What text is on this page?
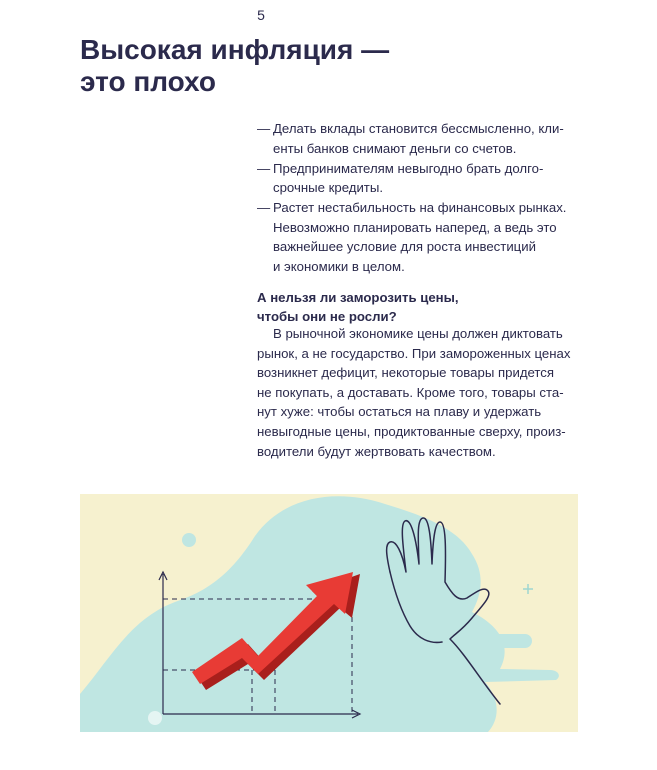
5
Высокая инфляция —
это плохо
— Делать вклады становится бессмысленно, кли-
енты банков снимают деньги со счетов.
— Предпринимателям невыгодно брать долго-
срочные кредиты.
— Растет нестабильность на финансовых рынках.
Невозможно планировать наперед, а ведь это
важнейшее условие для роста инвестиций
и экономики в целом.
А нельзя ли заморозить цены,
чтобы они не росли?

В рыночной экономике цены должен диктовать
рынок, а не государство. При замороженных ценах
возникнет дефицит, некоторые товары придется
не покупать, а доставать. Кроме того, товары ста-
нут хуже: чтобы остаться на плаву и удержать
невыгодные цены, продиктованные сверху, произ-
водители будут жертвовать качеством.
